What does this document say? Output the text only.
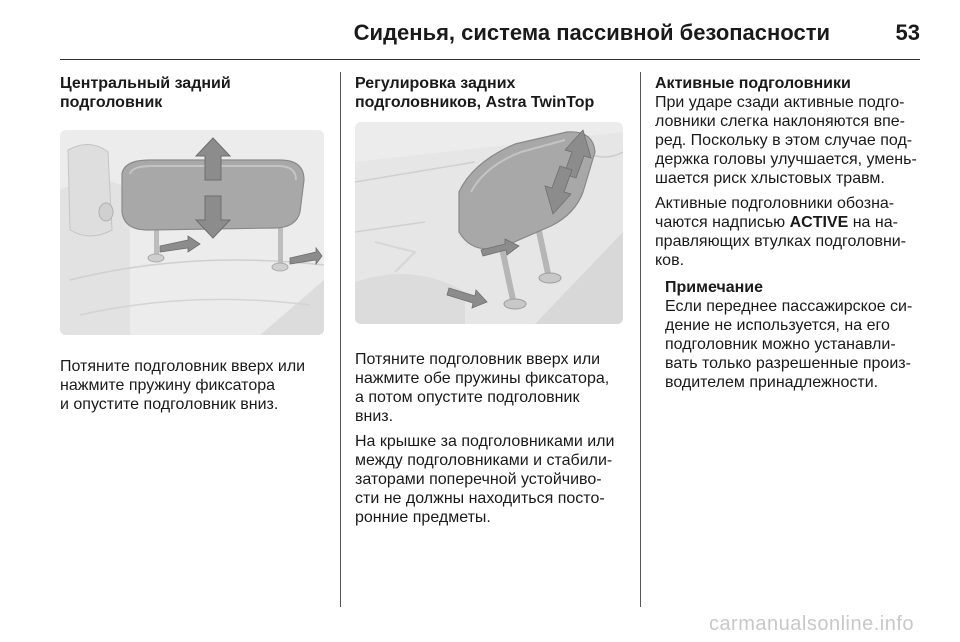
Сиденья, система пассивной безопасности	53

Центральный задний подголовник

Потяните подголовник вверх или

нажмите пружину фиксатора

и опустите подголовник вниз.

Регулировка задних

подголовников, Astra TwinTop

Потяните подголовник вверх или

нажмите обе пружины фиксатора,

а потом опустите подголовник

вниз.

На крышке за подголовниками или

между подголовниками и стабили-

заторами поперечной устойчиво-

сти не должны находиться посто-

ронние предметы.

Активные подголовники

При ударе сзади активные подго-

ловники слегка наклоняются впе-

ред. Поскольку в этом случае под-

держка головы улучшается, умень-

шается риск хлыстовых травм.

Активные подголовники обозна-

чаются надписью ACTIVE на на-

правляющих втулках подголовни-

ков.

Примечание

Если переднее пассажирское си-

дение не используется, на его

подголовник можно устанавли-

вать только разрешенные произ-

водителем принадлежности.

carmanualsonline.info
